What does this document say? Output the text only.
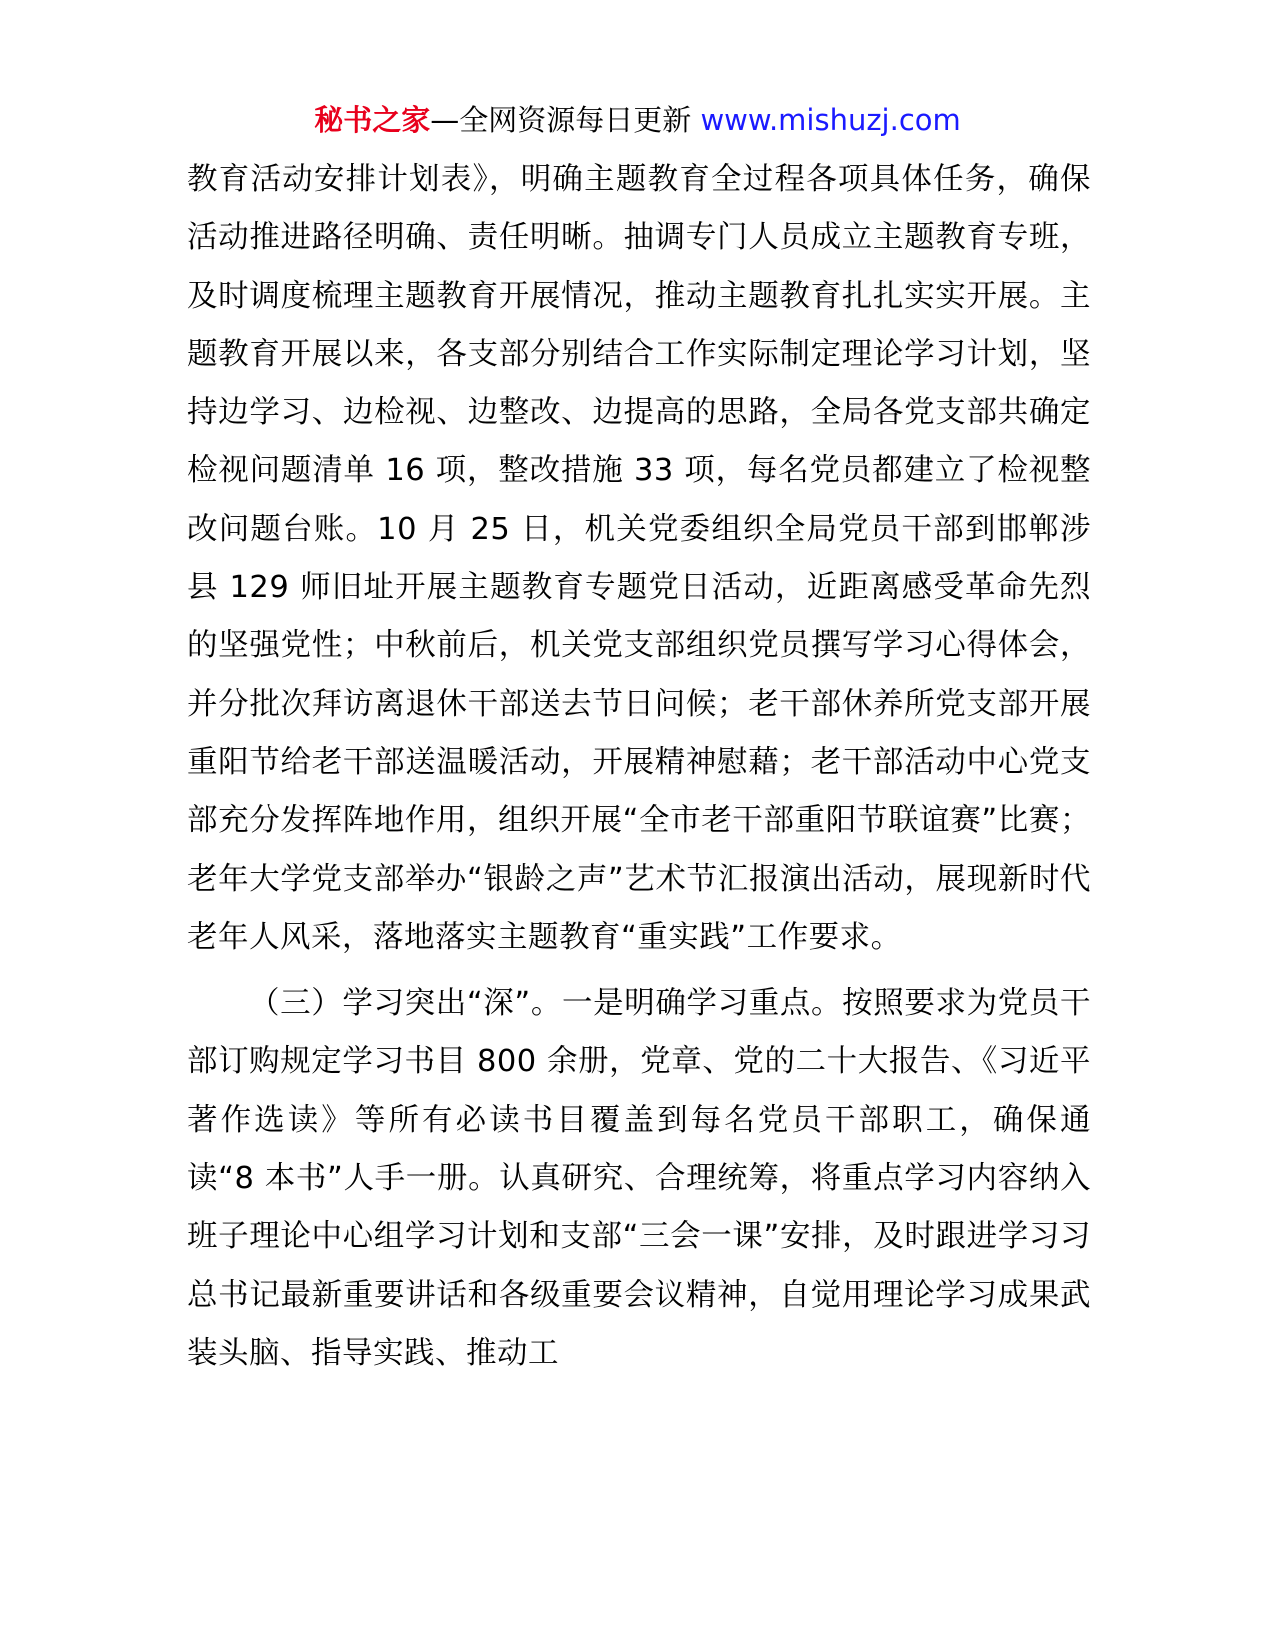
秘书之家—全网资源每日更新 www.mishuzj.com

教育活动安排计划表》，明确主题教育全过程各项具体任务，确保活动推进路径明确、责任明晰。抽调专门人员成立主题教育专班，及时调度梳理主题教育开展情况，推动主题教育扎扎实实开展。主题教育开展以来，各支部分别结合工作实际制定理论学习计划，坚持边学习、边检视、边整改、边提高的思路，全局各党支部共确定检视问题清单 16 项，整改措施 33 项，每名党员都建立了检视整改问题台账。10 月 25 日，机关党委组织全局党员干部到邯郸涉县 129 师旧址开展主题教育专题党日活动，近距离感受革命先烈的坚强党性；中秋前后，机关党支部组织党员撰写学习心得体会，并分批次拜访离退休干部送去节日问候；老干部休养所党支部开展重阳节给老干部送温暖活动，开展精神慰藉；老干部活动中心党支部充分发挥阵地作用，组织开展“全市老干部重阳节联谊赛”比赛；老年大学党支部举办“银龄之声”艺术节汇报演出活动，展现新时代老年人风采，落地落实主题教育“重实践”工作要求。

（三）学习突出“深”。一是明确学习重点。按照要求为党员干部订购规定学习书目 800 余册，党章、党的二十大报告、《习近平著作选读》等所有必读书目覆盖到每名党员干部职工，确保通读“8 本书”人手一册。认真研究、合理统筹，将重点学习内容纳入班子理论中心组学习计划和支部“三会一课”安排，及时跟进学习习总书记最新重要讲话和各级重要会议精神，自觉用理论学习成果武装头脑、指导实践、推动工
